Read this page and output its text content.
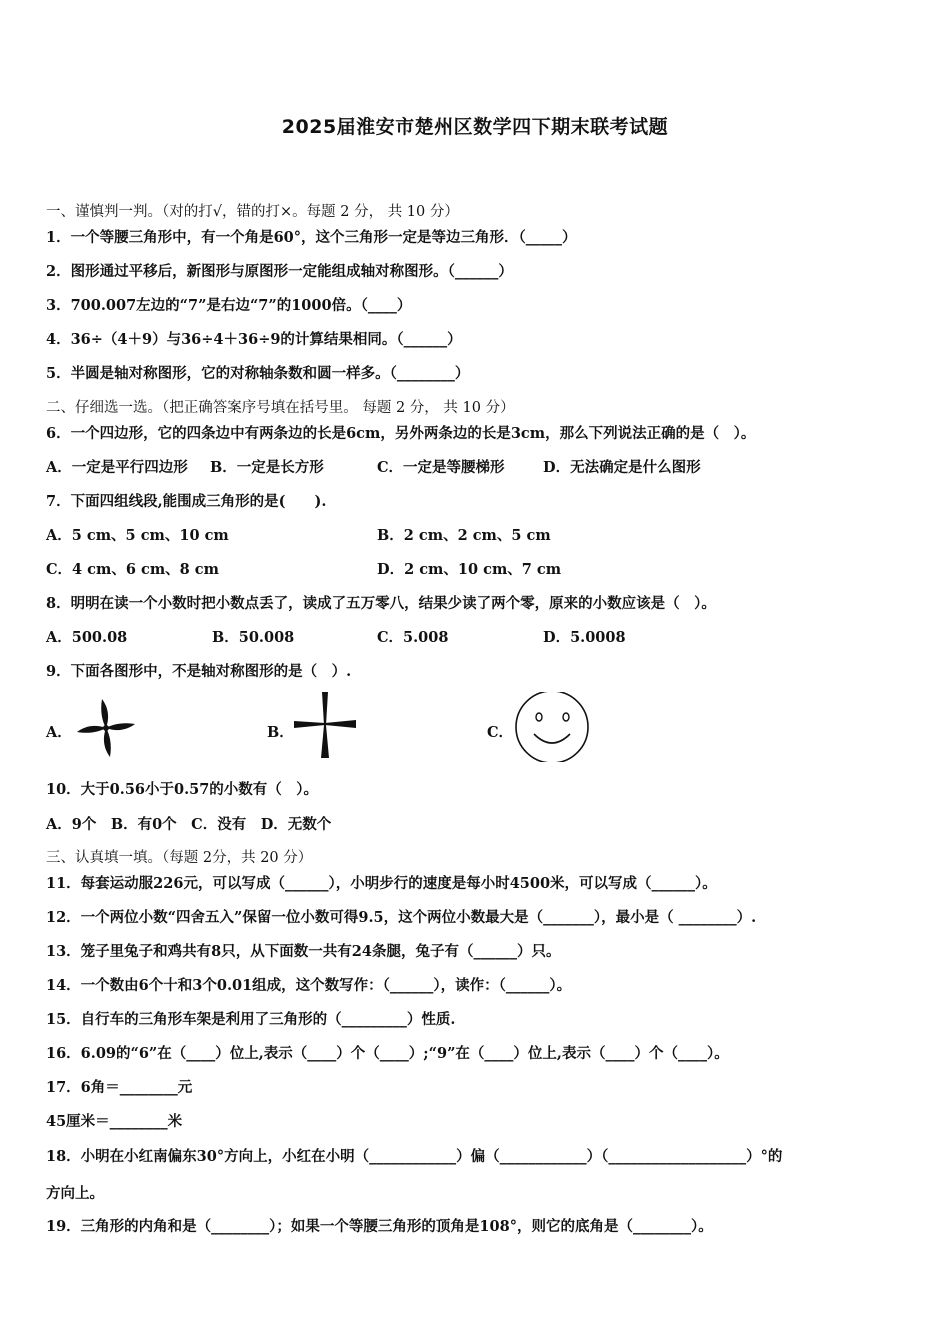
2025届淮安市楚州区数学四下期末联考试题
一、谨慎判一判。（对的打√，错的打×。每题 2 分， 共 10 分）
1．一个等腰三角形中，有一个角是60°，这个三角形一定是等边三角形．（_____）
2．图形通过平移后，新图形与原图形一定能组成轴对称图形。（______）
3．700.007左边的“7”是右边“7”的1000倍。（____）
4．36÷（4＋9）与36÷4＋36÷9的计算结果相同。（______）
5．半圆是轴对称图形，它的对称轴条数和圆一样多。（________）
二、仔细选一选。（把正确答案序号填在括号里。 每题 2 分， 共 10 分）
6．一个四边形，它的四条边中有两条边的长是6cm，另外两条边的长是3cm，那么下列说法正确的是（　）。
A．一定是平行四边形 B．一定是长方形	C．一定是等腰梯形	D．无法确定是什么图形
7．下面四组线段,能围成三角形的是(　　).
A．5 cm、5 cm、10 cm	B．2 cm、2 cm、5 cm
C．4 cm、6 cm、8 cm	D．2 cm、10 cm、7 cm
8．明明在读一个小数时把小数点丢了，读成了五万零八，结果少读了两个零，原来的小数应该是（　）。
A．500.08	B．50.008	C．5.008	D．5.0008
9．下面各图形中，不是轴对称图形的是（　）.
A．	B．	C．
10．大于0.56小于0.57的小数有（　）。
A．9个　B．有0个　C．没有　D．无数个
三、认真填一填。（每题 2分，共 20 分）
11．每套运动服226元，可以写成（______），小明步行的速度是每小时4500米，可以写成（______）。
12．一个两位小数“四舍五入”保留一位小数可得9.5，这个两位小数最大是（_______），最小是（ ________）.
13．笼子里兔子和鸡共有8只，从下面数一共有24条腿，兔子有（______）只。
14．一个数由6个十和3个0.01组成，这个数写作：（______），读作：（______）。
15．自行车的三角形车架是利用了三角形的（_________）性质.
16．6.09的“6”在（____）位上,表示（____）个（____）;“9”在（____）位上,表示（____）个（____）。
17．6角＝________元
45厘米＝________米
18．小明在小红南偏东30°方向上，小红在小明（____________）偏（____________）（___________________）°的
方向上。
19．三角形的内角和是（________）；如果一个等腰三角形的顶角是108°，则它的底角是（________）。
